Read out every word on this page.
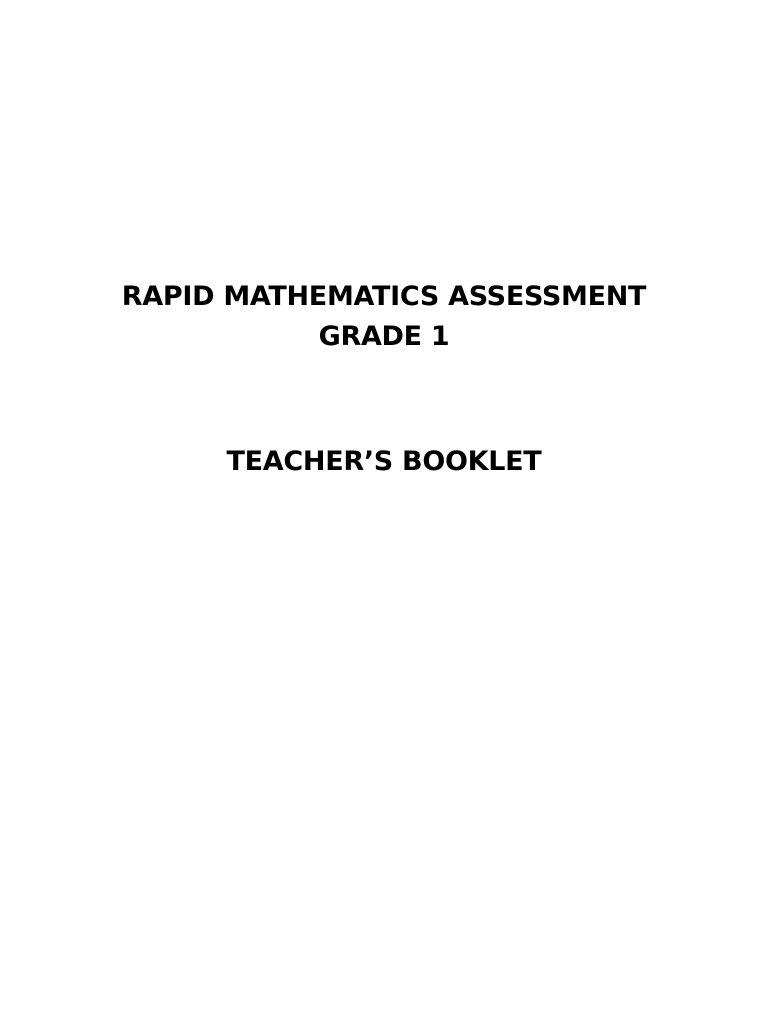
RAPID MATHEMATICS ASSESSMENT
GRADE 1
TEACHER’S BOOKLET
